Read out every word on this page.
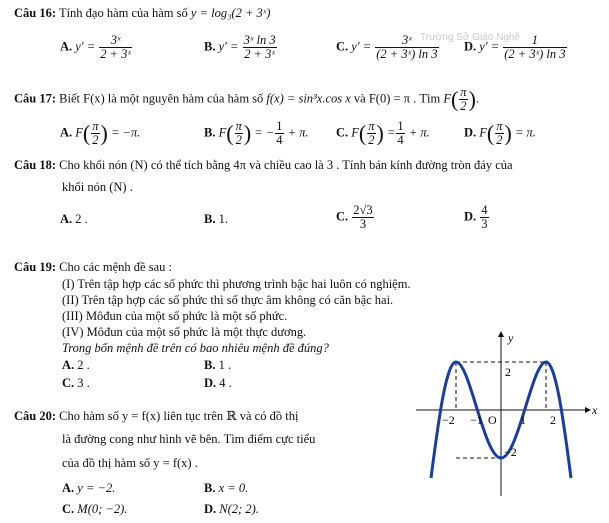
Câu 16: Tính đạo hàm của hàm số y = log₃(2 + 3ˣ)
A. $y' = \frac{\text{3ˣ}}{\text{2 + 3ˣ}}$	B. $y' = \frac{\text{3ˣ ln 3}}{\text{2 + 3ˣ}}$	C. $y' = \frac{\text{3ˣ}}{\text{(2 + 3ˣ) ln 3}}$
Trường Sở Giáo Nghệ
D. $y' = \frac{1}{\text{(2 + 3ˣ) ln 3}}$
Câu 17: Biết F(x) là một nguyên hàm của hàm số f(x) = sin³x.cos x và F(0) = π . Tìm $F( \frac{\pi}{2}$ ).
A. $F( \frac{\pi}{2}$ ) = −π.	B. $F( \frac{\pi}{2}$ ) = − $\frac{1}{4} + \pi$. C. $F( \frac{\pi}{2}$ ) = $\frac{1}{4} + \pi$.	D. $F( \frac{\pi}{2}$ ) = π.
Câu 18: Cho khối nón (N) có thể tích bằng 4π và chiều cao là 3 . Tính bán kính đường tròn đáy của
khối nón (N) .
A. 2 .	B. 1.	C. $\frac{2√3}{3}$	D. $\frac{4}{3}$
Câu 19: Cho các mệnh đề sau :
(I) Trên tập hợp các số phức thì phương trình bậc hai luôn có nghiệm.
(II) Trên tập hợp các số phức thì số thực âm không có căn bậc hai.
(III) Môđun của một số phức là một số phức.
(IV) Môđun của một số phức là một thực dương.
Trong bốn mệnh đề trên có bao nhiêu mệnh đề đúng?
A. 2 .	B. 1 .
C. 3 .	D. 4 .
Câu 20: Cho hàm số y = f(x) liên tục trên ℝ và có đồ thị
là đường cong như hình vẽ bên. Tìm điểm cực tiểu
của đồ thị hàm số y = f(x) .
A. y = −2.	B. x = 0.
C. M(0; −2).	D. N(2; 2).
y
x
2
−2
O
−2 −1	1 2
